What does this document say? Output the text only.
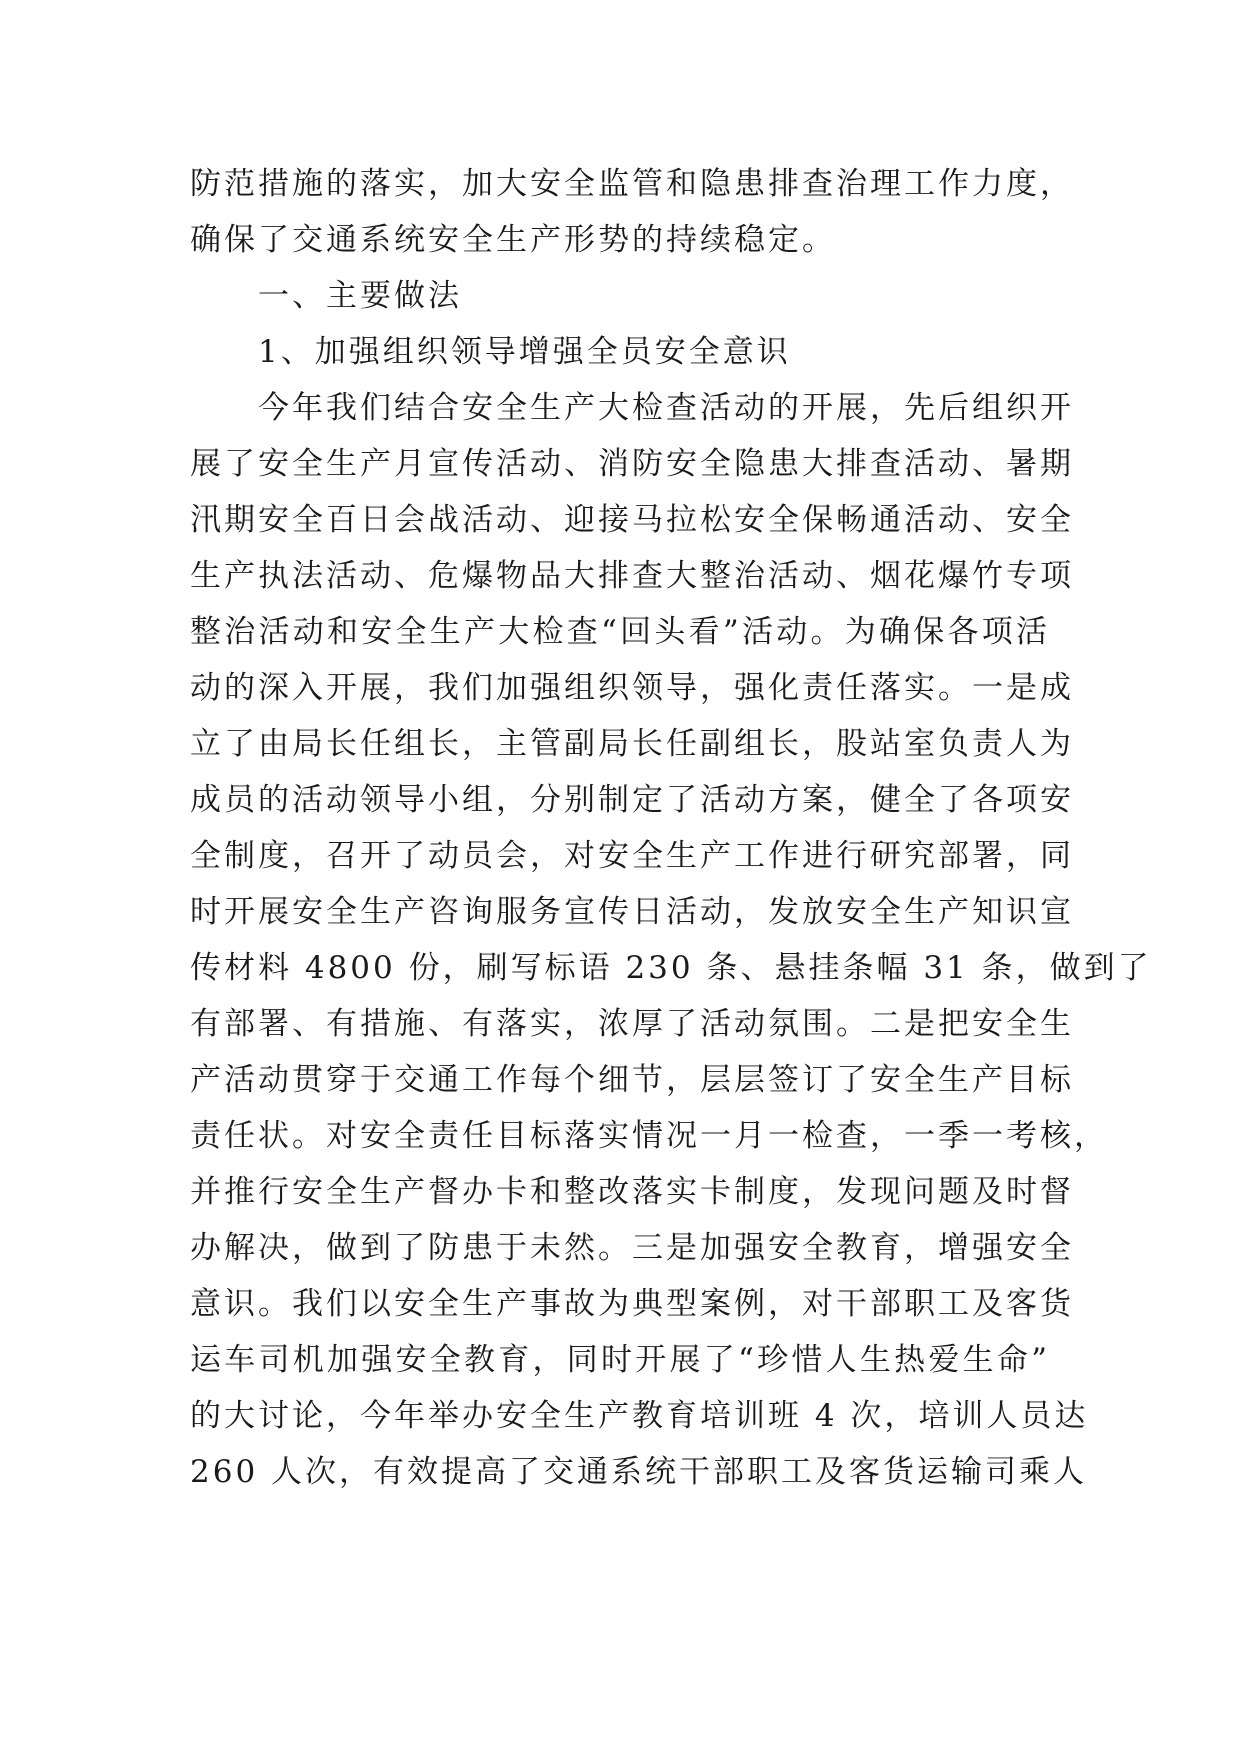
防范措施的落实，加大安全监管和隐患排查治理工作力度，
确保了交通系统安全生产形势的持续稳定。
一、主要做法
1、加强组织领导增强全员安全意识
今年我们结合安全生产大检查活动的开展，先后组织开
展了安全生产月宣传活动、消防安全隐患大排查活动、暑期
汛期安全百日会战活动、迎接马拉松安全保畅通活动、安全
生产执法活动、危爆物品大排查大整治活动、烟花爆竹专项
整治活动和安全生产大检查“回头看”活动。为确保各项活
动的深入开展，我们加强组织领导，强化责任落实。一是成
立了由局长任组长，主管副局长任副组长，股站室负责人为
成员的活动领导小组，分别制定了活动方案，健全了各项安
全制度，召开了动员会，对安全生产工作进行研究部署，同
时开展安全生产咨询服务宣传日活动，发放安全生产知识宣
传材料 4800 份，刷写标语 230 条、悬挂条幅 31 条，做到了
有部署、有措施、有落实，浓厚了活动氛围。二是把安全生
产活动贯穿于交通工作每个细节，层层签订了安全生产目标
责任状。对安全责任目标落实情况一月一检查，一季一考核，
并推行安全生产督办卡和整改落实卡制度，发现问题及时督
办解决，做到了防患于未然。三是加强安全教育，增强安全
意识。我们以安全生产事故为典型案例，对干部职工及客货
运车司机加强安全教育，同时开展了“珍惜人生热爱生命”
的大讨论，今年举办安全生产教育培训班 4 次，培训人员达
260 人次，有效提高了交通系统干部职工及客货运输司乘人
